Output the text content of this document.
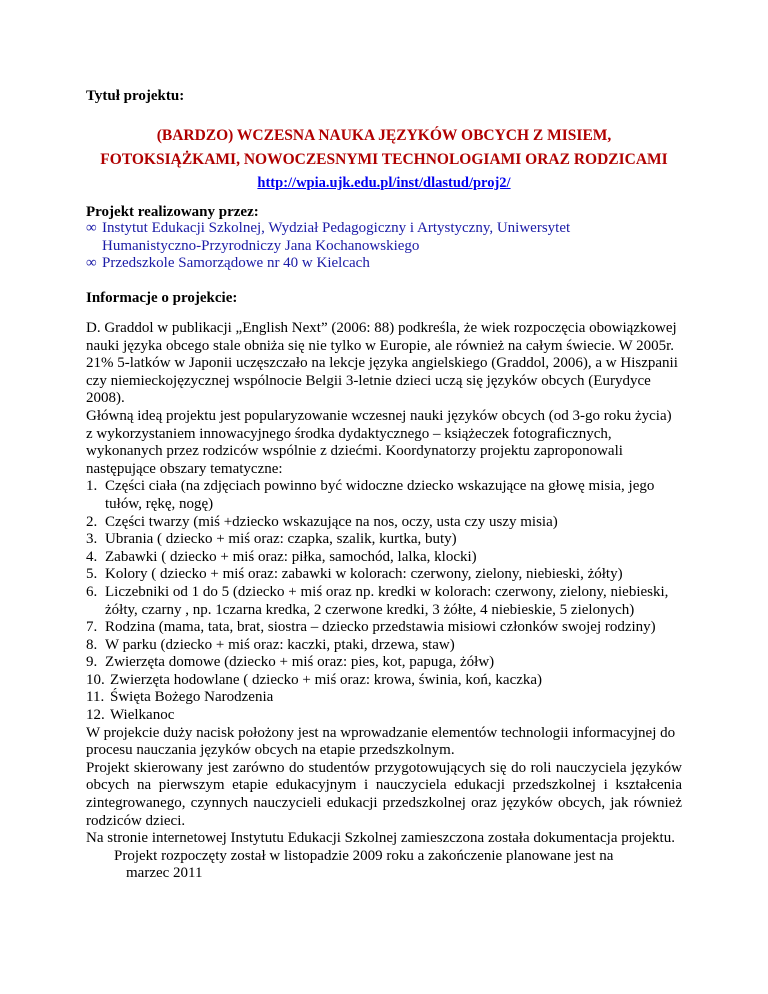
Tytuł projektu:
(BARDZO) WCZESNA NAUKA JĘZYKÓW OBCYCH Z MISIEM,
FOTOKSIĄŻKAMI, NOWOCZESNYMI TECHNOLOGIAMI ORAZ RODZICAMI
http://wpia.ujk.edu.pl/inst/dlastud/proj2/
Projekt realizowany przez:
∞ Instytut Edukacji Szkolnej, Wydział Pedagogiczny i Artystyczny, Uniwersytet
Humanistyczno-Przyrodniczy Jana Kochanowskiego
∞ Przedszkole Samorządowe nr 40 w Kielcach
Informacje o projekcie:

D. Graddol w publikacji „English Next” (2006: 88) podkreśla, że wiek rozpoczęcia obowiązkowej nauki języka obcego stale obniża się nie tylko w Europie, ale również na całym świecie. W 2005r. 21% 5-latków w Japonii uczęszczało na lekcje języka angielskiego (Graddol, 2006), a w Hiszpanii czy niemieckojęzycznej wspólnocie Belgii 3-letnie dzieci uczą się języków obcych (Eurydyce 2008).

Główną ideą projektu jest popularyzowanie wczesnej nauki języków obcych (od 3-go roku życia) z wykorzystaniem innowacyjnego środka dydaktycznego – książeczek fotograficznych, wykonanych przez rodziców wspólnie z dziećmi. Koordynatorzy projektu zaproponowali następujące obszary tematyczne:

1. Części ciała (na zdjęciach powinno być widoczne dziecko wskazujące na głowę misia, jego tułów, rękę, nogę)
2. Części twarzy (miś +dziecko wskazujące na nos, oczy, usta czy uszy misia)
3. Ubrania ( dziecko + miś oraz: czapka, szalik, kurtka, buty)
4. Zabawki ( dziecko + miś oraz: piłka, samochód, lalka, klocki)
5. Kolory ( dziecko + miś oraz: zabawki w kolorach: czerwony, zielony, niebieski, żółty)
6. Liczebniki od 1 do 5 (dziecko + miś oraz np. kredki w kolorach: czerwony, zielony, niebieski, żółty, czarny , np. 1czarna kredka, 2 czerwone kredki, 3 żółte, 4 niebieskie, 5 zielonych)
7. Rodzina (mama, tata, brat, siostra – dziecko przedstawia misiowi członków swojej rodziny)
8. W parku (dziecko + miś oraz: kaczki, ptaki, drzewa, staw)
9. Zwierzęta domowe (dziecko + miś oraz: pies, kot, papuga, żółw)
10. Zwierzęta hodowlane ( dziecko + miś oraz: krowa, świnia, koń, kaczka)
11. Święta Bożego Narodzenia
12. Wielkanoc

W projekcie duży nacisk położony jest na wprowadzanie elementów technologii informacyjnej do procesu nauczania języków obcych na etapie przedszkolnym.

Projekt skierowany jest zarówno do studentów przygotowujących się do roli nauczyciela języków obcych na pierwszym etapie edukacyjnym i nauczyciela edukacji przedszkolnej i kształcenia zintegrowanego, czynnych nauczycieli edukacji przedszkolnej oraz języków obcych, jak również rodziców dzieci.

Na stronie internetowej Instytutu Edukacji Szkolnej zamieszczona została dokumentacja projektu.

Projekt rozpoczęty został w listopadzie 2009 roku a zakończenie planowane jest na
marzec 2011
